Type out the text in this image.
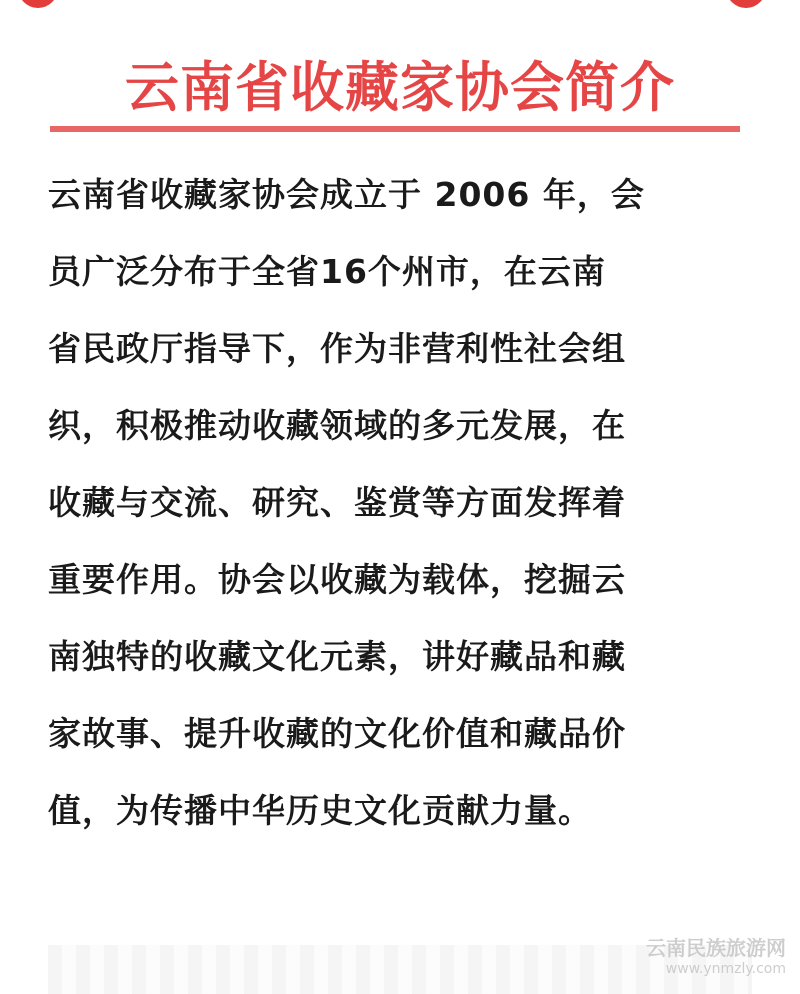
云南省收藏家协会简介
云南省收藏家协会成立于 2006 年，会
员广泛分布于全省16个州市，在云南
省民政厅指导下，作为非营利性社会组
织，积极推动收藏领域的多元发展，在
收藏与交流、研究、鉴赏等方面发挥着
重要作用。协会以收藏为载体，挖掘云
南独特的收藏文化元素，讲好藏品和藏
家故事、提升收藏的文化价值和藏品价
值，为传播中华历史文化贡献力量。
云南民族旅游网
www.ynmzly.com
